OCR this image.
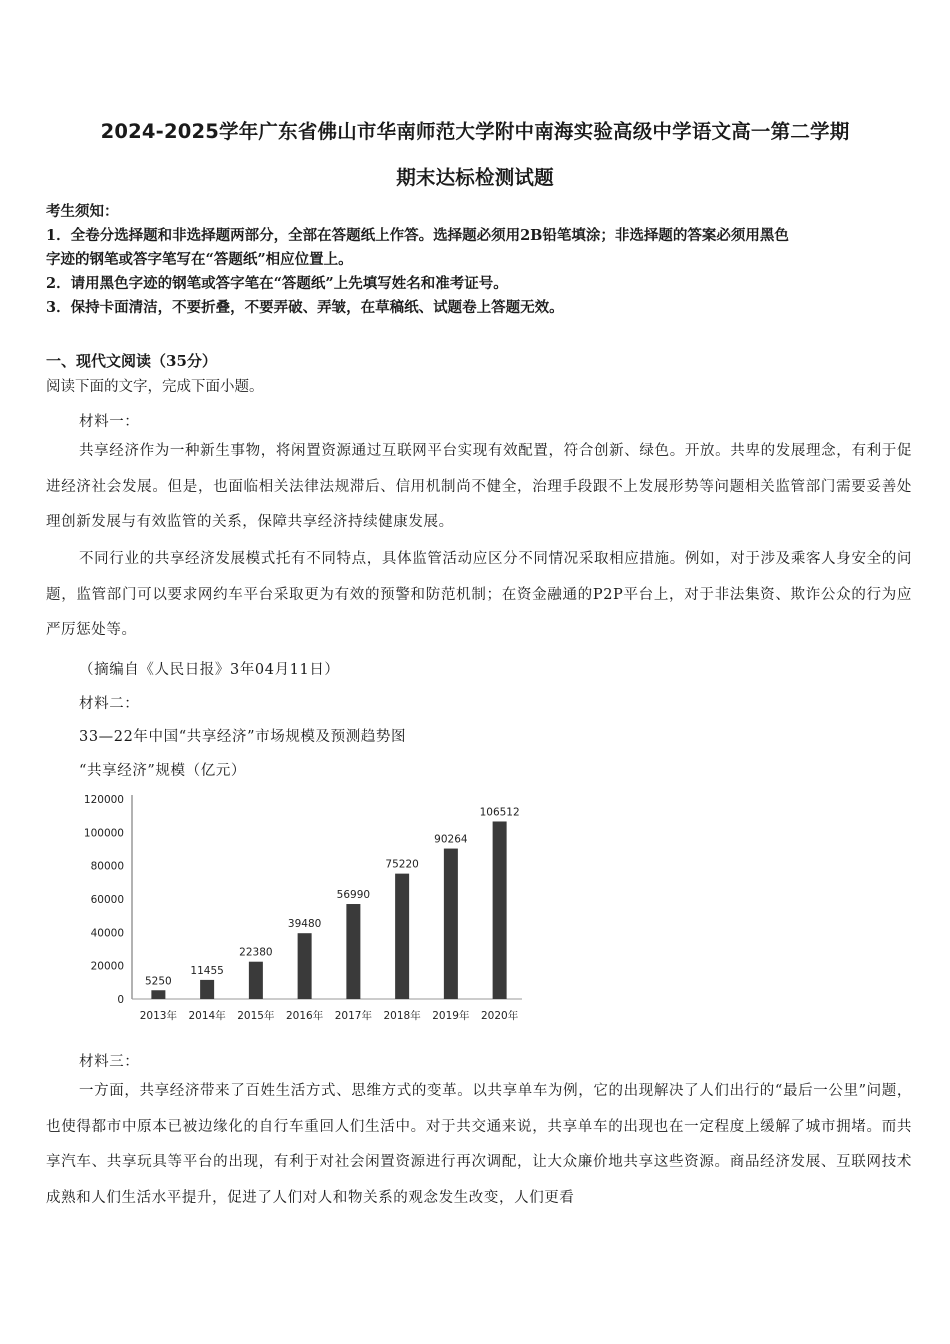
2024-2025学年广东省佛山市华南师范大学附中南海实验高级中学语文高一第二学期
期末达标检测试题
考生须知：
1．全卷分选择题和非选择题两部分，全部在答题纸上作答。选择题必须用2B铅笔填涂；非选择题的答案必须用黑色
字迹的钢笔或答字笔写在“答题纸”相应位置上。
2．请用黑色字迹的钢笔或答字笔在“答题纸”上先填写姓名和准考证号。
3．保持卡面清洁，不要折叠，不要弄破、弄皱，在草稿纸、试题卷上答题无效。
一、现代文阅读（35分）
阅读下面的文字，完成下面小题。
材料一：
共享经济作为一种新生事物，将闲置资源通过互联网平台实现有效配置，符合创新、绿色。开放。共卑的发展理念，有利于促进经济社会发展。但是，也面临相关法律法规滞后、信用机制尚不健全，治理手段跟不上发展形势等问题相关监管部门需要妥善处理创新发展与有效监管的关系，保障共享经济持续健康发展。
不同行业的共享经济发展模式托有不同特点，具体监管活动应区分不同情况采取相应措施。例如，对于涉及乘客人身安全的问题，监管部门可以要求网约车平台采取更为有效的预警和防范机制；在资金融通的P2P平台上，对于非法集资、欺诈公众的行为应严厉惩处等。
（摘编自《人民日报》3年04月11日）
材料二：
33—22年中国“共享经济”市场规模及预测趋势图
“共享经济”规模（亿元）
0
20000
40000
60000
80000
100000
120000
5250
2013年
11455
2014年
22380
2015年
39480
2016年
56990
2017年
75220
2018年
90264
2019年
106512
2020年
材料三：
一方面，共享经济带来了百姓生活方式、思维方式的变革。以共享单车为例，它的出现解决了人们出行的“最后一公里”问题，也使得都市中原本已被边缘化的自行车重回人们生活中。对于共交通来说，共享单车的出现也在一定程度上缓解了城市拥堵。而共享汽车、共享玩具等平台的出现，有利于对社会闲置资源进行再次调配，让大众廉价地共享这些资源。商品经济发展、互联网技术成熟和人们生活水平提升，促进了人们对人和物关系的观念发生改变，人们更看
